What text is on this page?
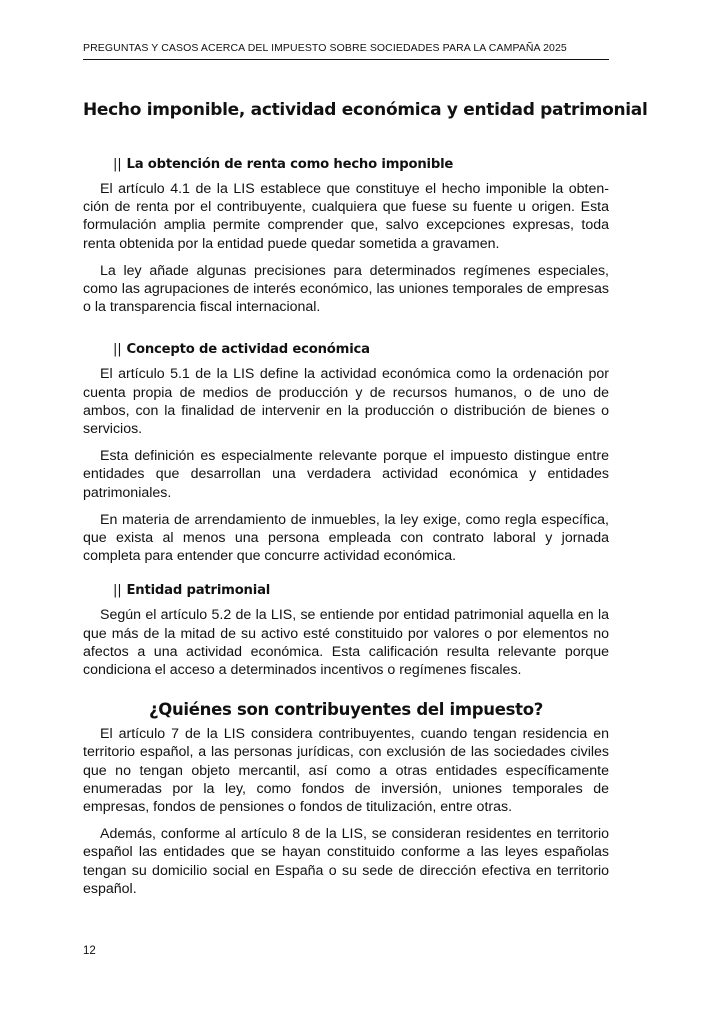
PREGUNTAS Y CASOS ACERCA DEL IMPUESTO SOBRE SOCIEDADES PARA LA CAMPAÑA 2025
Hecho imponible, actividad económica y entidad patrimonial
|| La obtención de renta como hecho imponible

El artículo 4.1 de la LIS establece que constituye el hecho imponible la obtención de renta por el contribuyente, cualquiera que fuese su fuente u origen. Esta formulación amplia permite comprender que, salvo excepciones expresas, toda renta obtenida por la entidad puede quedar sometida a gravamen.

La ley añade algunas precisiones para determinados regímenes especiales, como las agrupaciones de interés económico, las uniones temporales de empresas o la transparencia fiscal internacional.

|| Concepto de actividad económica

El artículo 5.1 de la LIS define la actividad económica como la ordenación por cuenta propia de medios de producción y de recursos humanos, o de uno de ambos, con la finalidad de intervenir en la producción o distribución de bienes o servicios.

Esta definición es especialmente relevante porque el impuesto distingue entre entidades que desarrollan una verdadera actividad económica y entidades patrimoniales.

En materia de arrendamiento de inmuebles, la ley exige, como regla específica, que exista al menos una persona empleada con contrato laboral y jornada completa para entender que concurre actividad económica.

|| Entidad patrimonial

Según el artículo 5.2 de la LIS, se entiende por entidad patrimonial aquella en la que más de la mitad de su activo esté constituido por valores o por elementos no afectos a una actividad económica. Esta calificación resulta relevante porque condiciona el acceso a determinados incentivos o regímenes fiscales.

¿Quiénes son contribuyentes del impuesto?

El artículo 7 de la LIS considera contribuyentes, cuando tengan residencia en territorio español, a las personas jurídicas, con exclusión de las sociedades civiles que no tengan objeto mercantil, así como a otras entidades específicamente enumeradas por la ley, como fondos de inversión, uniones temporales de empresas, fondos de pensiones o fondos de titulización, entre otras.

Además, conforme al artículo 8 de la LIS, se consideran residentes en territorio español las entidades que se hayan constituido conforme a las leyes españolas tengan su domicilio social en España o su sede de dirección efectiva en territorio español.

12
